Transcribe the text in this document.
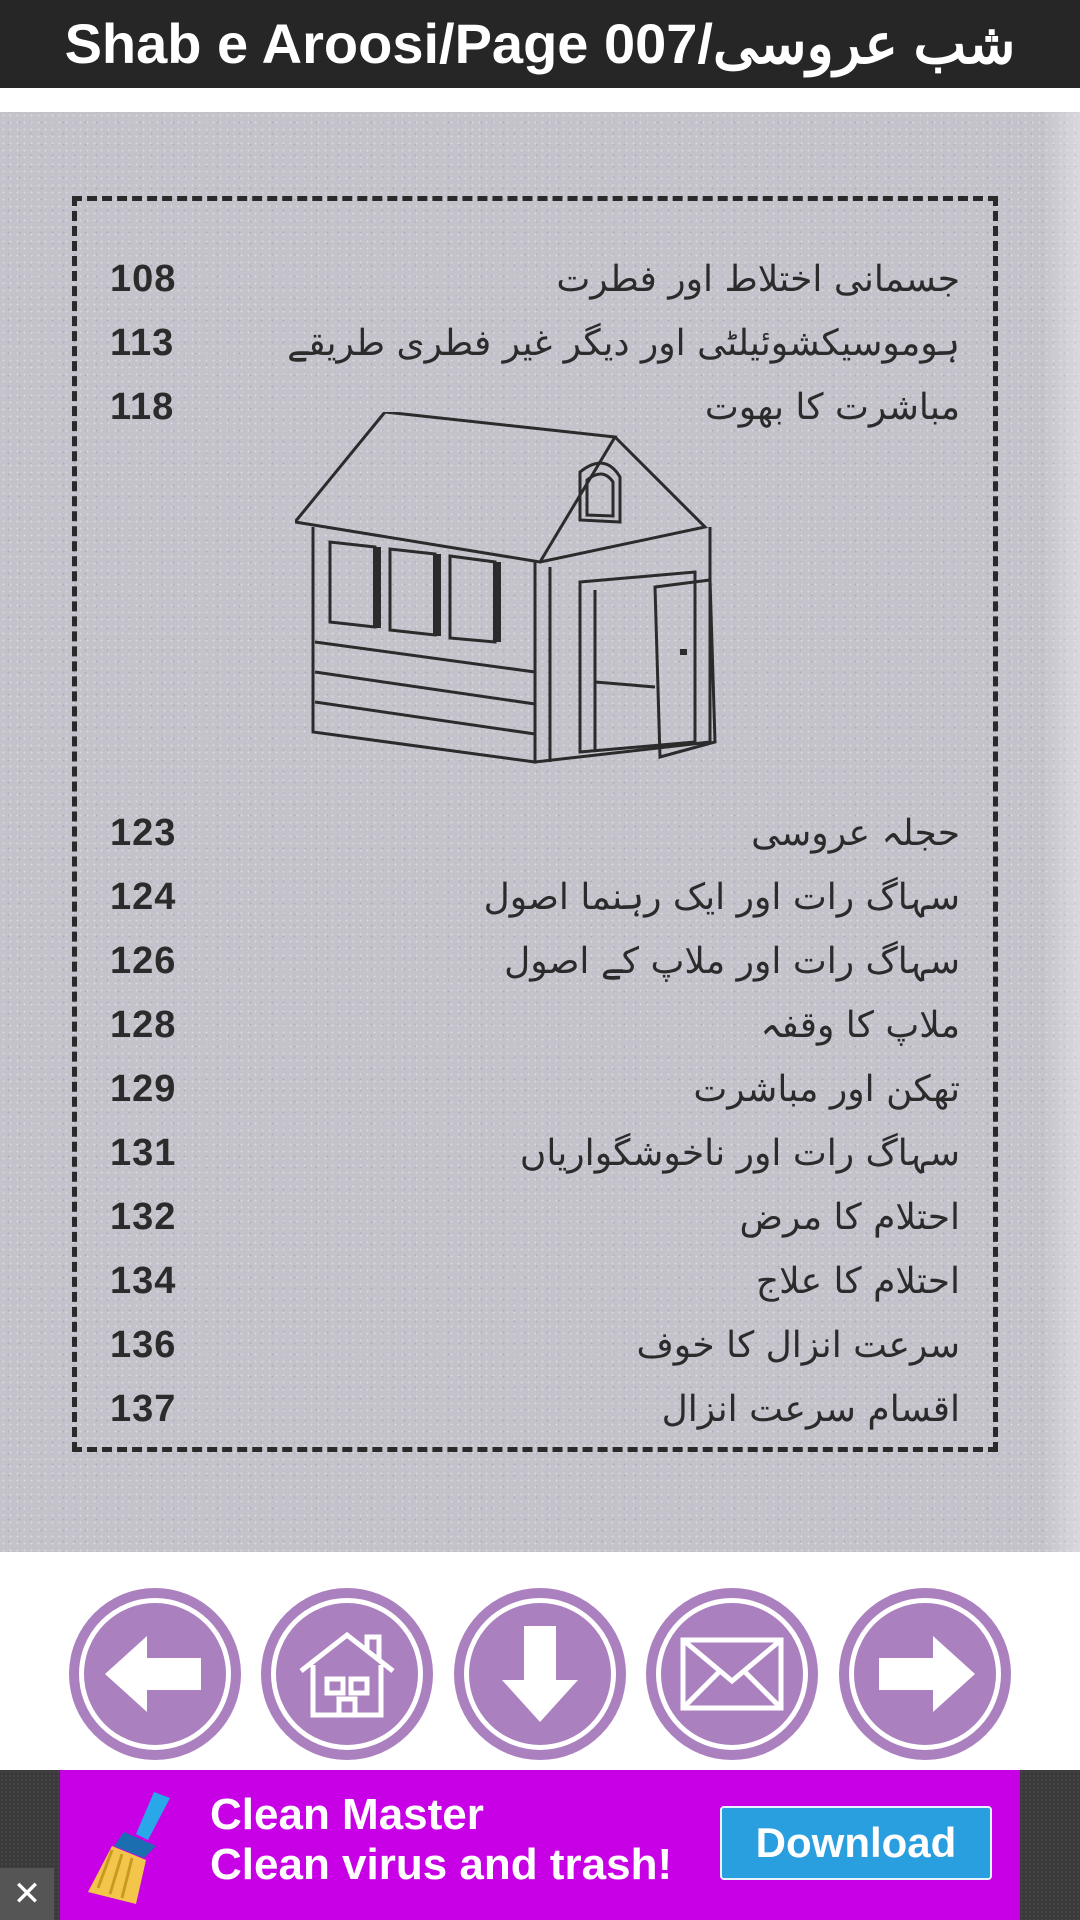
Shab e Aroosi/Page 007/شب عروسی
108	جسمانی اختلاط اور فطرت
113	ہوموسیکشوئیلٹی اور دیگر غیر فطری طریقے
118	مباشرت کا بھوت
123	حجلہ عروسی
124	سہاگ رات اور ایک رہنما اصول
126	سہاگ رات اور ملاپ کے اصول
128	ملاپ کا وقفہ
129	تھکن اور مباشرت
131	سہاگ رات اور ناخوشگواریاں
132	احتلام کا مرض
134	احتلام کا علاج
136	سرعت انزال کا خوف
137	اقسام سرعت انزال
Clean Master
Clean virus and trash!	Download
✕
